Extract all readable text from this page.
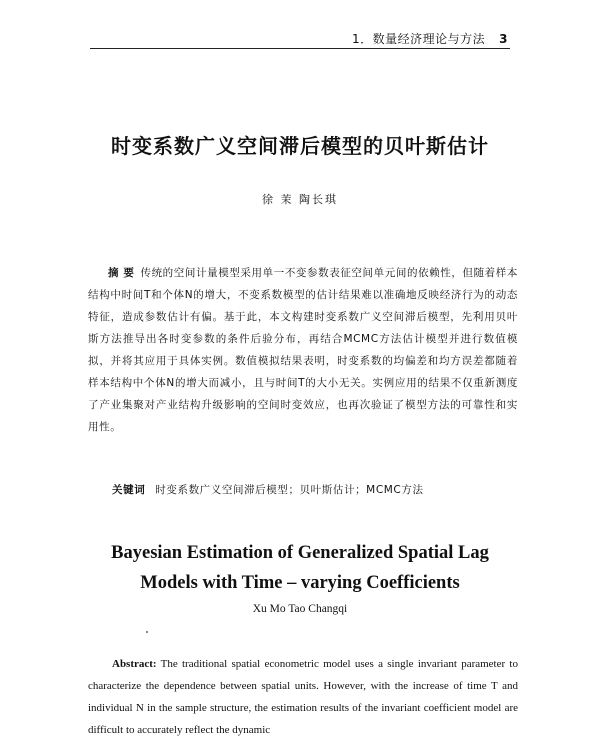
1．数量经济理论与方法 3
时变系数广义空间滞后模型的贝叶斯估计
徐 茉 陶长琪
摘 要 传统的空间计量模型采用单一不变参数表征空间单元间的依赖性，但随着样本结构中时间T和个体N的增大，不变系数模型的估计结果难以准确地反映经济行为的动态特征，造成参数估计有偏。基于此，本文构建时变系数广义空间滞后模型，先利用贝叶斯方法推导出各时变参数的条件后验分布，再结合MCMC方法估计模型并进行数值模拟，并将其应用于具体实例。数值模拟结果表明，时变系数的均偏差和均方误差都随着样本结构中个体N的增大而减小，且与时间T的大小无关。实例应用的结果不仅重新测度了产业集聚对产业结构升级影响的空间时变效应，也再次验证了模型方法的可靠性和实用性。
关键词 时变系数广义空间滞后模型；贝叶斯估计；MCMC方法
Bayesian Estimation of Generalized Spatial Lag
Models with Time – varying Coefficients
Xu Mo Tao Changqi
Abstract: The traditional spatial econometric model uses a single invariant parameter to characterize the dependence between spatial units. However, with the increase of time T and individual N in the sample structure, the estimation results of the invariant coefficient model are difficult to accurately reflect the dynamic
